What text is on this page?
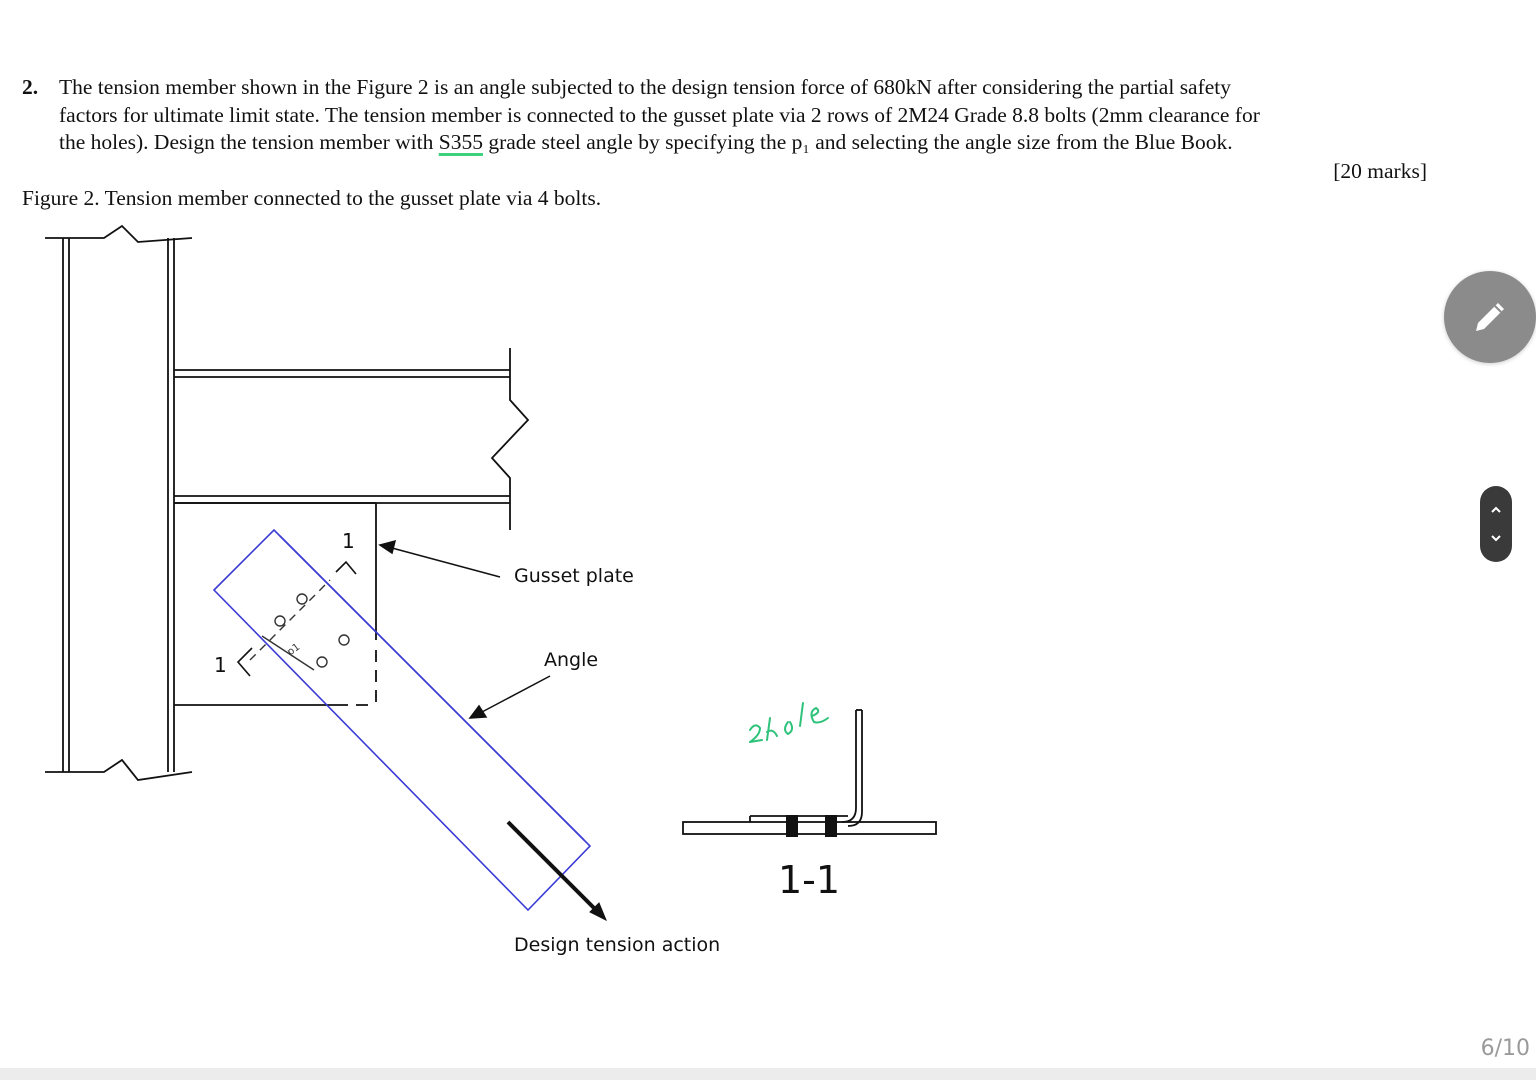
2. The tension member shown in the Figure 2 is an angle subjected to the design tension force of 680kN after considering the partial safety
factors for ultimate limit state. The tension member is connected to the gusset plate via 2 rows of 2M24 Grade 8.8 bolts (2mm clearance for
the holes). Design the tension member with S355 grade steel angle by specifying the p₁ and selecting the angle size from the Blue Book.
[20 marks]
Figure 2. Tension member connected to the gusset plate via 4 bolts.
p1
1
1
Gusset plate
Angle
Design tension action
1-1
6/10
